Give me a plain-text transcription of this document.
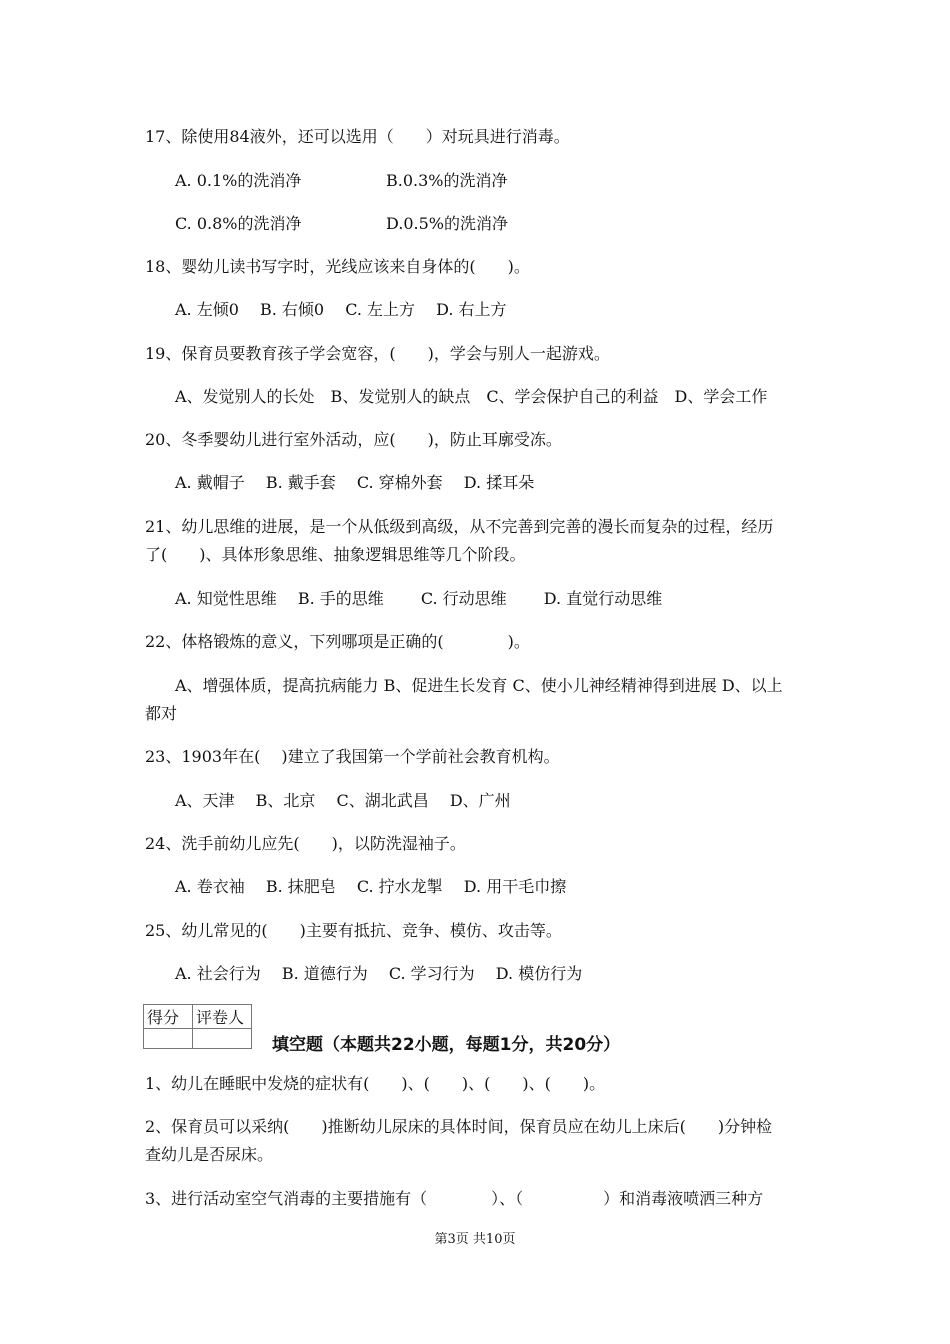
17、除使用84液外，还可以选用（　　）对玩具进行消毒。
A. 0.1%的洗消净	B.0.3%的洗消净
C. 0.8%的洗消净	D.0.5%的洗消净
18、婴幼儿读书写字时，光线应该来自身体的(　　)。
A. 左倾0　 B. 右倾0　 C. 左上方　 D. 右上方
19、保育员要教育孩子学会宽容，(　　)，学会与别人一起游戏。
A、发觉别人的长处　B、发觉别人的缺点　C、学会保护自己的利益　D、学会工作
20、冬季婴幼儿进行室外活动，应(　　)，防止耳廓受冻。
A. 戴帽子　 B. 戴手套　 C. 穿棉外套　 D. 揉耳朵
21、幼儿思维的进展，是一个从低级到高级，从不完善到完善的漫长而复杂的过程，经历
了(　　)、具体形象思维、抽象逻辑思维等几个阶段。
A. 知觉性思维　 B. 手的思维　　 C. 行动思维　　 D. 直觉行动思维
22、体格锻炼的意义，下列哪项是正确的(　　　　)。
A、增强体质，提高抗病能力 B、促进生长发育 C、使小儿神经精神得到进展 D、以上
都对
23、1903年在(　 )建立了我国第一个学前社会教育机构。
A、天津　 B、北京　 C、湖北武昌　 D、广州
24、洗手前幼儿应先(　　)，以防洗湿袖子。
A. 卷衣袖　 B. 抹肥皂　 C. 拧水龙掣　 D. 用干毛巾擦
25、幼儿常见的(　　)主要有抵抗、竞争、模仿、攻击等。
A. 社会行为　 B. 道德行为　 C. 学习行为　 D. 模仿行为
得分	评卷人

填空题（本题共22小题，每题1分，共20分）
1、幼儿在睡眠中发烧的症状有(　　)、(　　)、(　　)、(　　)。
2、保育员可以采纳(　　)推断幼儿尿床的具体时间，保育员应在幼儿上床后(　　)分钟检
查幼儿是否尿床。
3、进行活动室空气消毒的主要措施有（　　　　）、（　　　　　）和消毒液喷洒三种方
第3页 共10页
